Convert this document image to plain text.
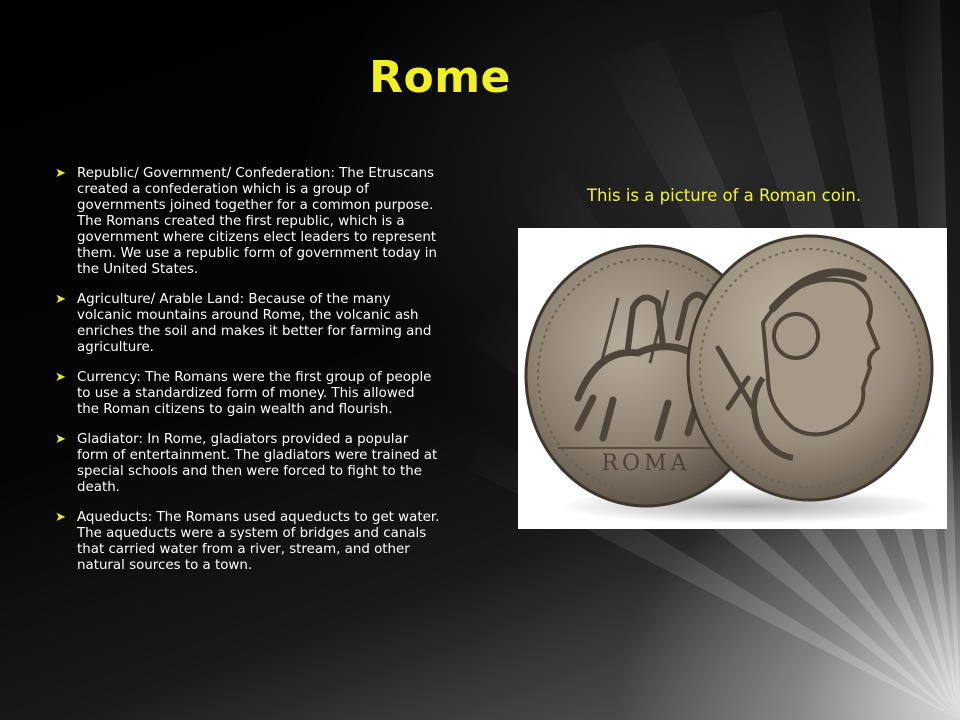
Rome
➤ Republic/ Government/ Confederation: The Etruscans created a confederation which is a group of governments joined together for a common purpose. The Romans created the first republic, which is a government where citizens elect leaders to represent them. We use a republic form of government today in the United States.
➤ Agriculture/ Arable Land: Because of the many volcanic mountains around Rome, the volcanic ash enriches the soil and makes it better for farming and agriculture.
➤ Currency: The Romans were the first group of people to use a standardized form of money. This allowed the Roman citizens to gain wealth and flourish.
➤ Gladiator: In Rome, gladiators provided a popular form of entertainment. The gladiators were trained at special schools and then were forced to fight to the death.
➤ Aqueducts: The Romans used aqueducts to get water. The aqueducts were a system of bridges and canals that carried water from a river, stream, and other natural sources to a town.
This is a picture of a Roman coin.
ROMA
